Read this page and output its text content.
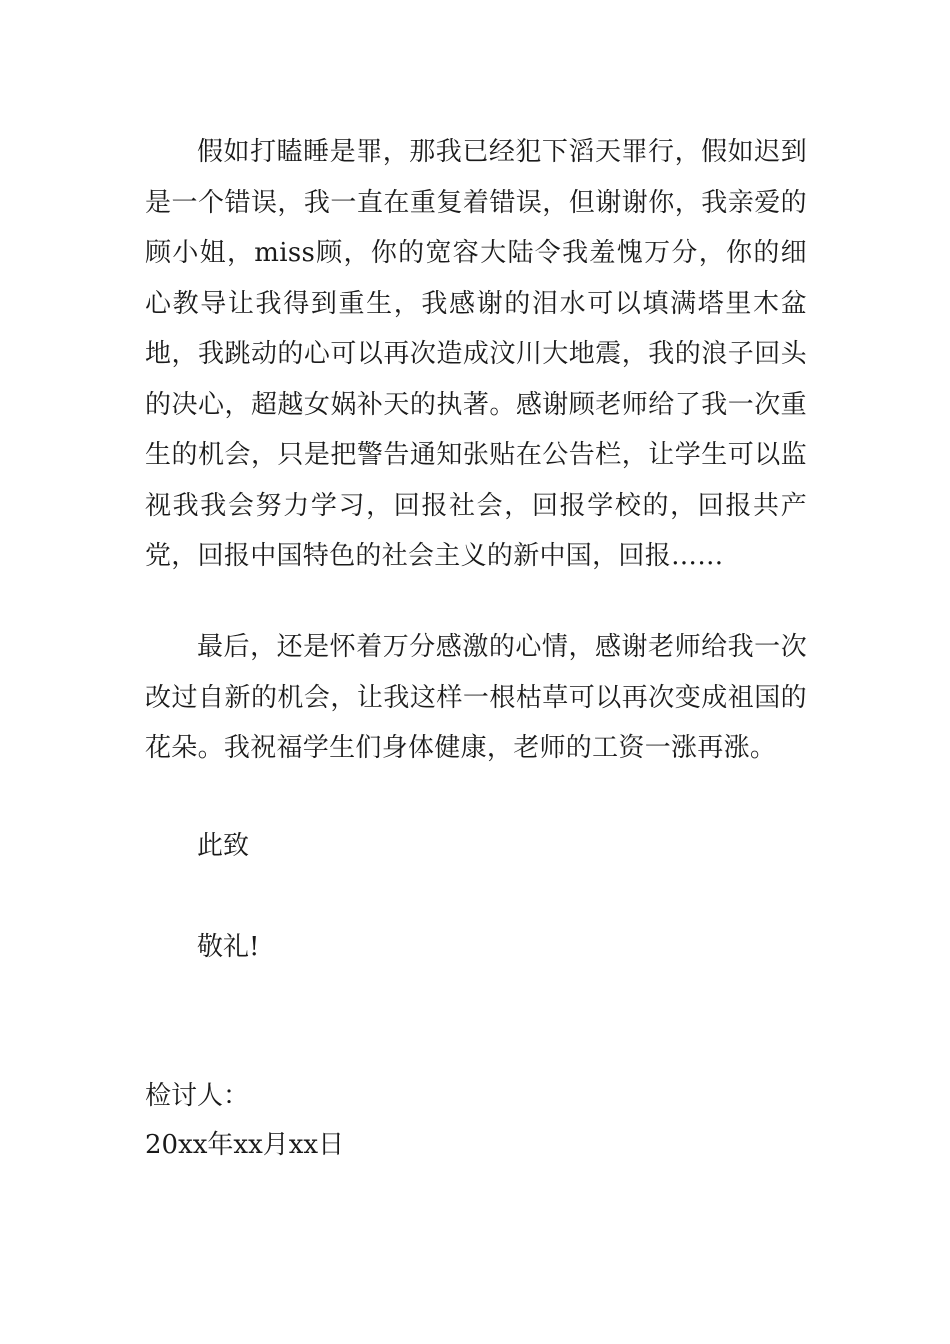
假如打瞌睡是罪，那我已经犯下滔天罪行，假如迟到是一个错误，我一直在重复着错误，但谢谢你，我亲爱的顾小姐，miss顾，你的宽容大陆令我羞愧万分，你的细心教导让我得到重生，我感谢的泪水可以填满塔里木盆地，我跳动的心可以再次造成汶川大地震，我的浪子回头的决心，超越女娲补天的执著。感谢顾老师给了我一次重生的机会，只是把警告通知张贴在公告栏，让学生可以监视我我会努力学习，回报社会，回报学校的，回报共产党，回报中国特色的社会主义的新中国，回报……

最后，还是怀着万分感激的心情，感谢老师给我一次改过自新的机会，让我这样一根枯草可以再次变成祖国的花朵。我祝福学生们身体健康，老师的工资一涨再涨。

此致

敬礼!

检讨人：

20xx年xx月xx日
